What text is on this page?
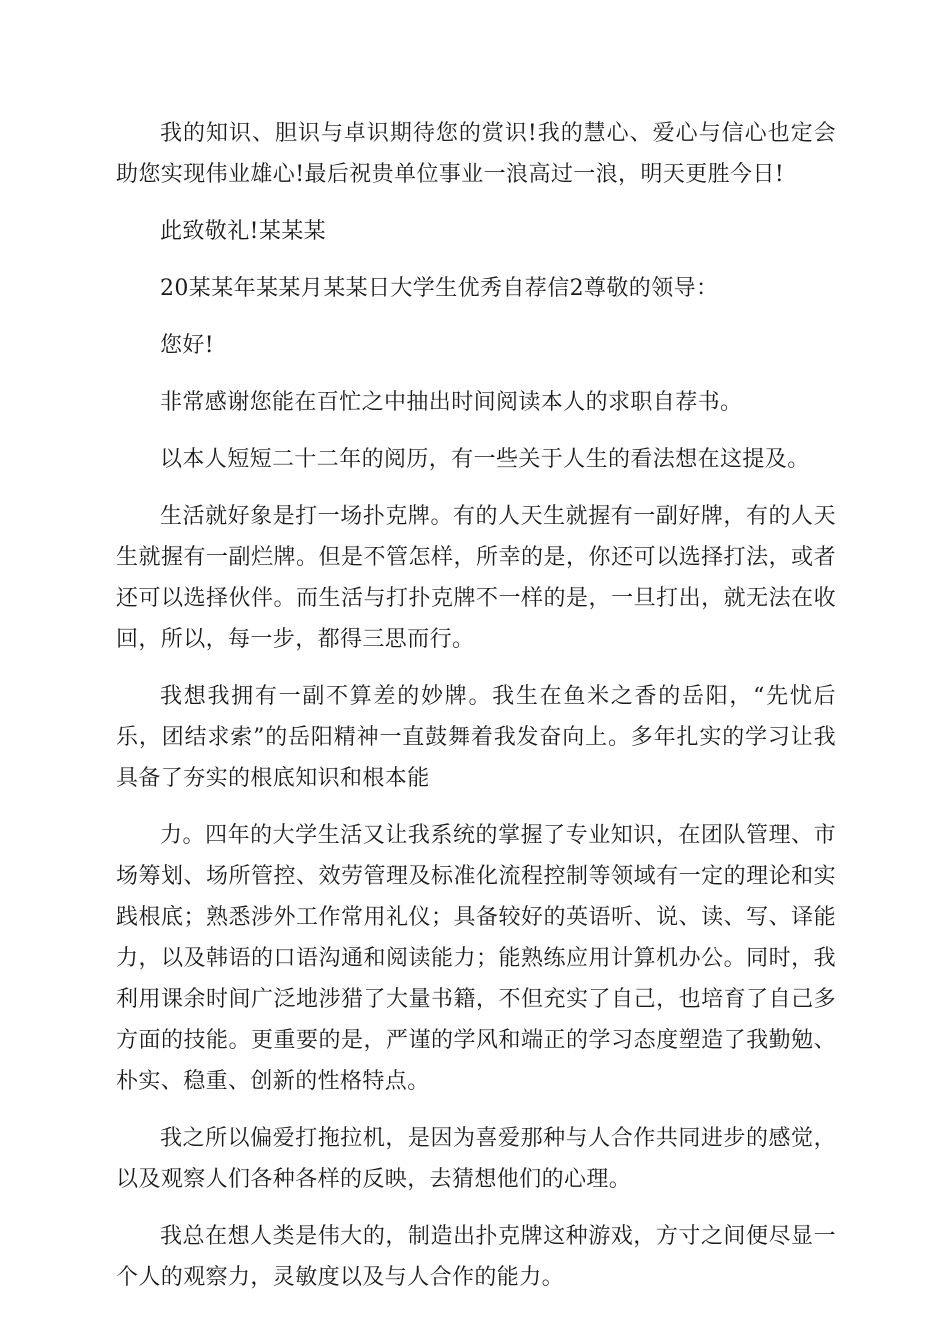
我的知识、胆识与卓识期待您的赏识!我的慧心、爱心与信心也定会助您实现伟业雄心!最后祝贵单位事业一浪高过一浪，明天更胜今日!

此致敬礼!某某某

20某某年某某月某某日大学生优秀自荐信2尊敬的领导：

您好!

非常感谢您能在百忙之中抽出时间阅读本人的求职自荐书。

以本人短短二十二年的阅历，有一些关于人生的看法想在这提及。

生活就好象是打一场扑克牌。有的人天生就握有一副好牌，有的人天生就握有一副烂牌。但是不管怎样，所幸的是，你还可以选择打法，或者还可以选择伙伴。而生活与打扑克牌不一样的是，一旦打出，就无法在收回，所以，每一步，都得三思而行。

我想我拥有一副不算差的妙牌。我生在鱼米之香的岳阳，“先忧后乐，团结求索”的岳阳精神一直鼓舞着我发奋向上。多年扎实的学习让我具备了夯实的根底知识和根本能

力。四年的大学生活又让我系统的掌握了专业知识，在团队管理、市场筹划、场所管控、效劳管理及标准化流程控制等领域有一定的理论和实践根底；熟悉涉外工作常用礼仪；具备较好的英语听、说、读、写、译能力，以及韩语的口语沟通和阅读能力；能熟练应用计算机办公。同时，我利用课余时间广泛地涉猎了大量书籍，不但充实了自己，也培育了自己多方面的技能。更重要的是，严谨的学风和端正的学习态度塑造了我勤勉、朴实、稳重、创新的性格特点。

我之所以偏爱打拖拉机，是因为喜爱那种与人合作共同进步的感觉，以及观察人们各种各样的反映，去猜想他们的心理。

我总在想人类是伟大的，制造出扑克牌这种游戏，方寸之间便尽显一个人的观察力，灵敏度以及与人合作的能力。
